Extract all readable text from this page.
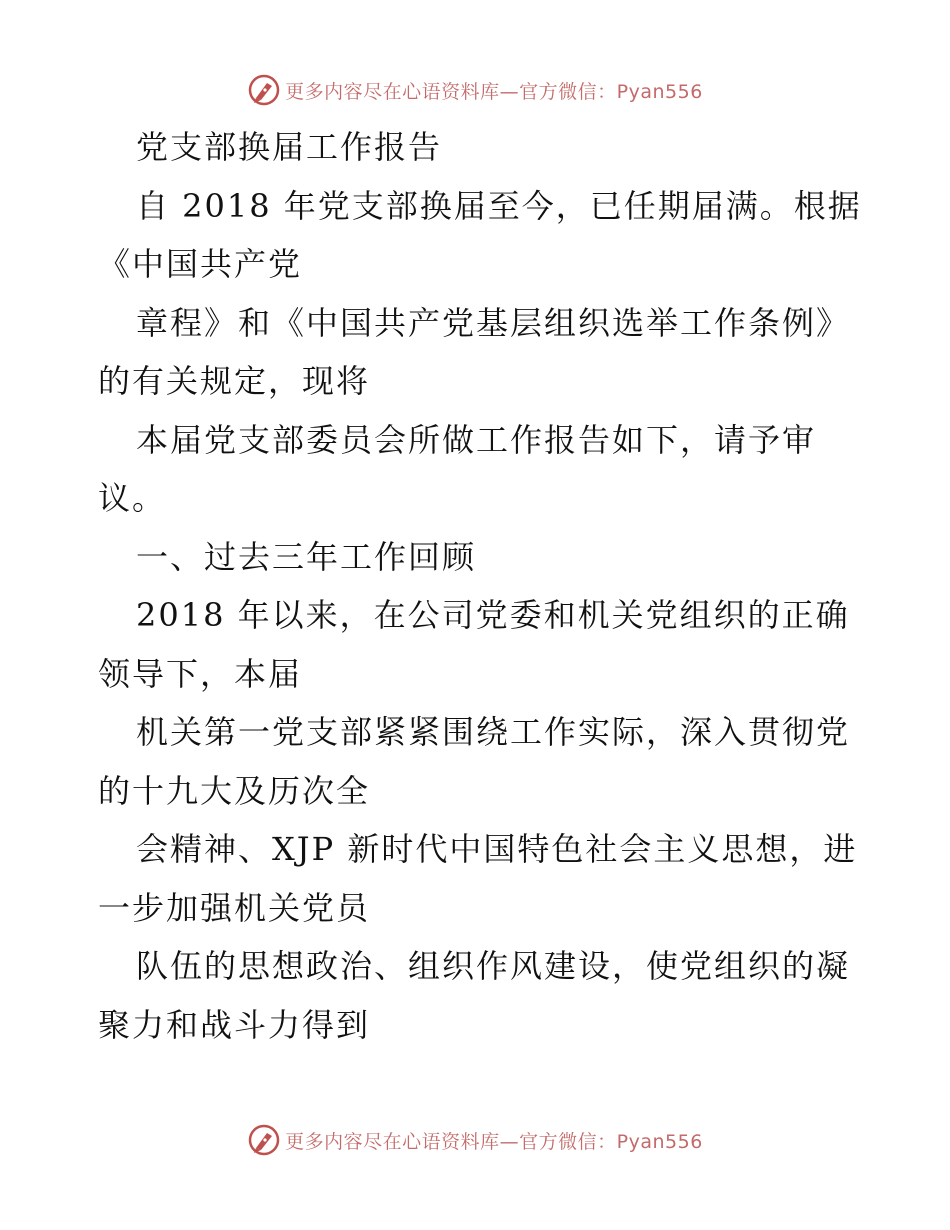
更多内容尽在心语资料库—官方微信：Pyan556
党支部换届工作报告
自 2018 年党支部换届至今，已任期届满。根据
《中国共产党
章程》和《中国共产党基层组织选举工作条例》
的有关规定，现将
本届党支部委员会所做工作报告如下，请予审
议。
一、过去三年工作回顾
2018 年以来，在公司党委和机关党组织的正确
领导下，本届
机关第一党支部紧紧围绕工作实际，深入贯彻党
的十九大及历次全
会精神、XJP 新时代中国特色社会主义思想，进
一步加强机关党员
队伍的思想政治、组织作风建设，使党组织的凝
聚力和战斗力得到
更多内容尽在心语资料库—官方微信：Pyan556
